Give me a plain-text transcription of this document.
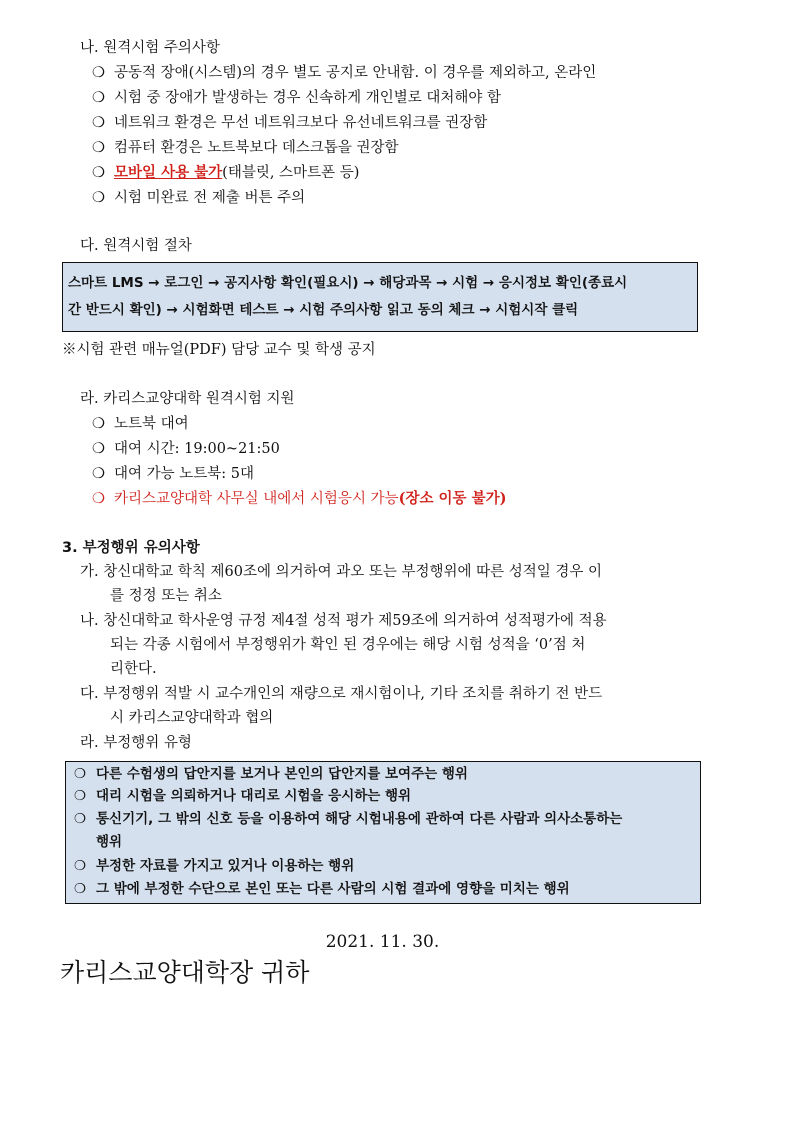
나. 원격시험 주의사항
❍ 공동적 장애(시스템)의 경우 별도 공지로 안내함. 이 경우를 제외하고, 온라인
❍ 시험 중 장애가 발생하는 경우 신속하게 개인별로 대처해야 함
❍ 네트워크 환경은 무선 네트워크보다 유선네트워크를 권장함
❍ 컴퓨터 환경은 노트북보다 데스크톱을 권장함
❍ 모바일 사용 불가(태블릿, 스마트폰 등)
❍ 시험 미완료 전 제출 버튼 주의
다. 원격시험 절차
스마트 LMS → 로그인 → 공지사항 확인(필요시) → 해당과목 → 시험 → 응시정보 확인(종료시
간 반드시 확인) → 시험화면 테스트 → 시험 주의사항 읽고 동의 체크 → 시험시작 클릭
※시험 관련 매뉴얼(PDF) 담당 교수 및 학생 공지
라. 카리스교양대학 원격시험 지원
❍ 노트북 대여
❍ 대여 시간: 19:00~21:50
❍ 대여 가능 노트북: 5대
❍ 카리스교양대학 사무실 내에서 시험응시 가능(장소 이동 불가)
3. 부정행위 유의사항
가. 창신대학교 학칙 제60조에 의거하여 과오 또는 부정행위에 따른 성적일 경우 이
를 정정 또는 취소
나. 창신대학교 학사운영 규정 제4절 성적 평가 제59조에 의거하여 성적평가에 적용
되는 각종 시험에서 부정행위가 확인 된 경우에는 해당 시험 성적을 ‘0’점 처
리한다.
다. 부정행위 적발 시 교수개인의 재량으로 재시험이나, 기타 조치를 취하기 전 반드
시 카리스교양대학과 협의
라. 부정행위 유형
❍ 다른 수험생의 답안지를 보거나 본인의 답안지를 보여주는 행위
❍ 대리 시험을 의뢰하거나 대리로 시험을 응시하는 행위
❍ 통신기기, 그 밖의 신호 등을 이용하여 해당 시험내용에 관하여 다른 사람과 의사소통하는
행위
❍ 부정한 자료를 가지고 있거나 이용하는 행위
❍ 그 밖에 부정한 수단으로 본인 또는 다른 사람의 시험 결과에 영향을 미치는 행위
2021. 11. 30.
카리스교양대학장 귀하
